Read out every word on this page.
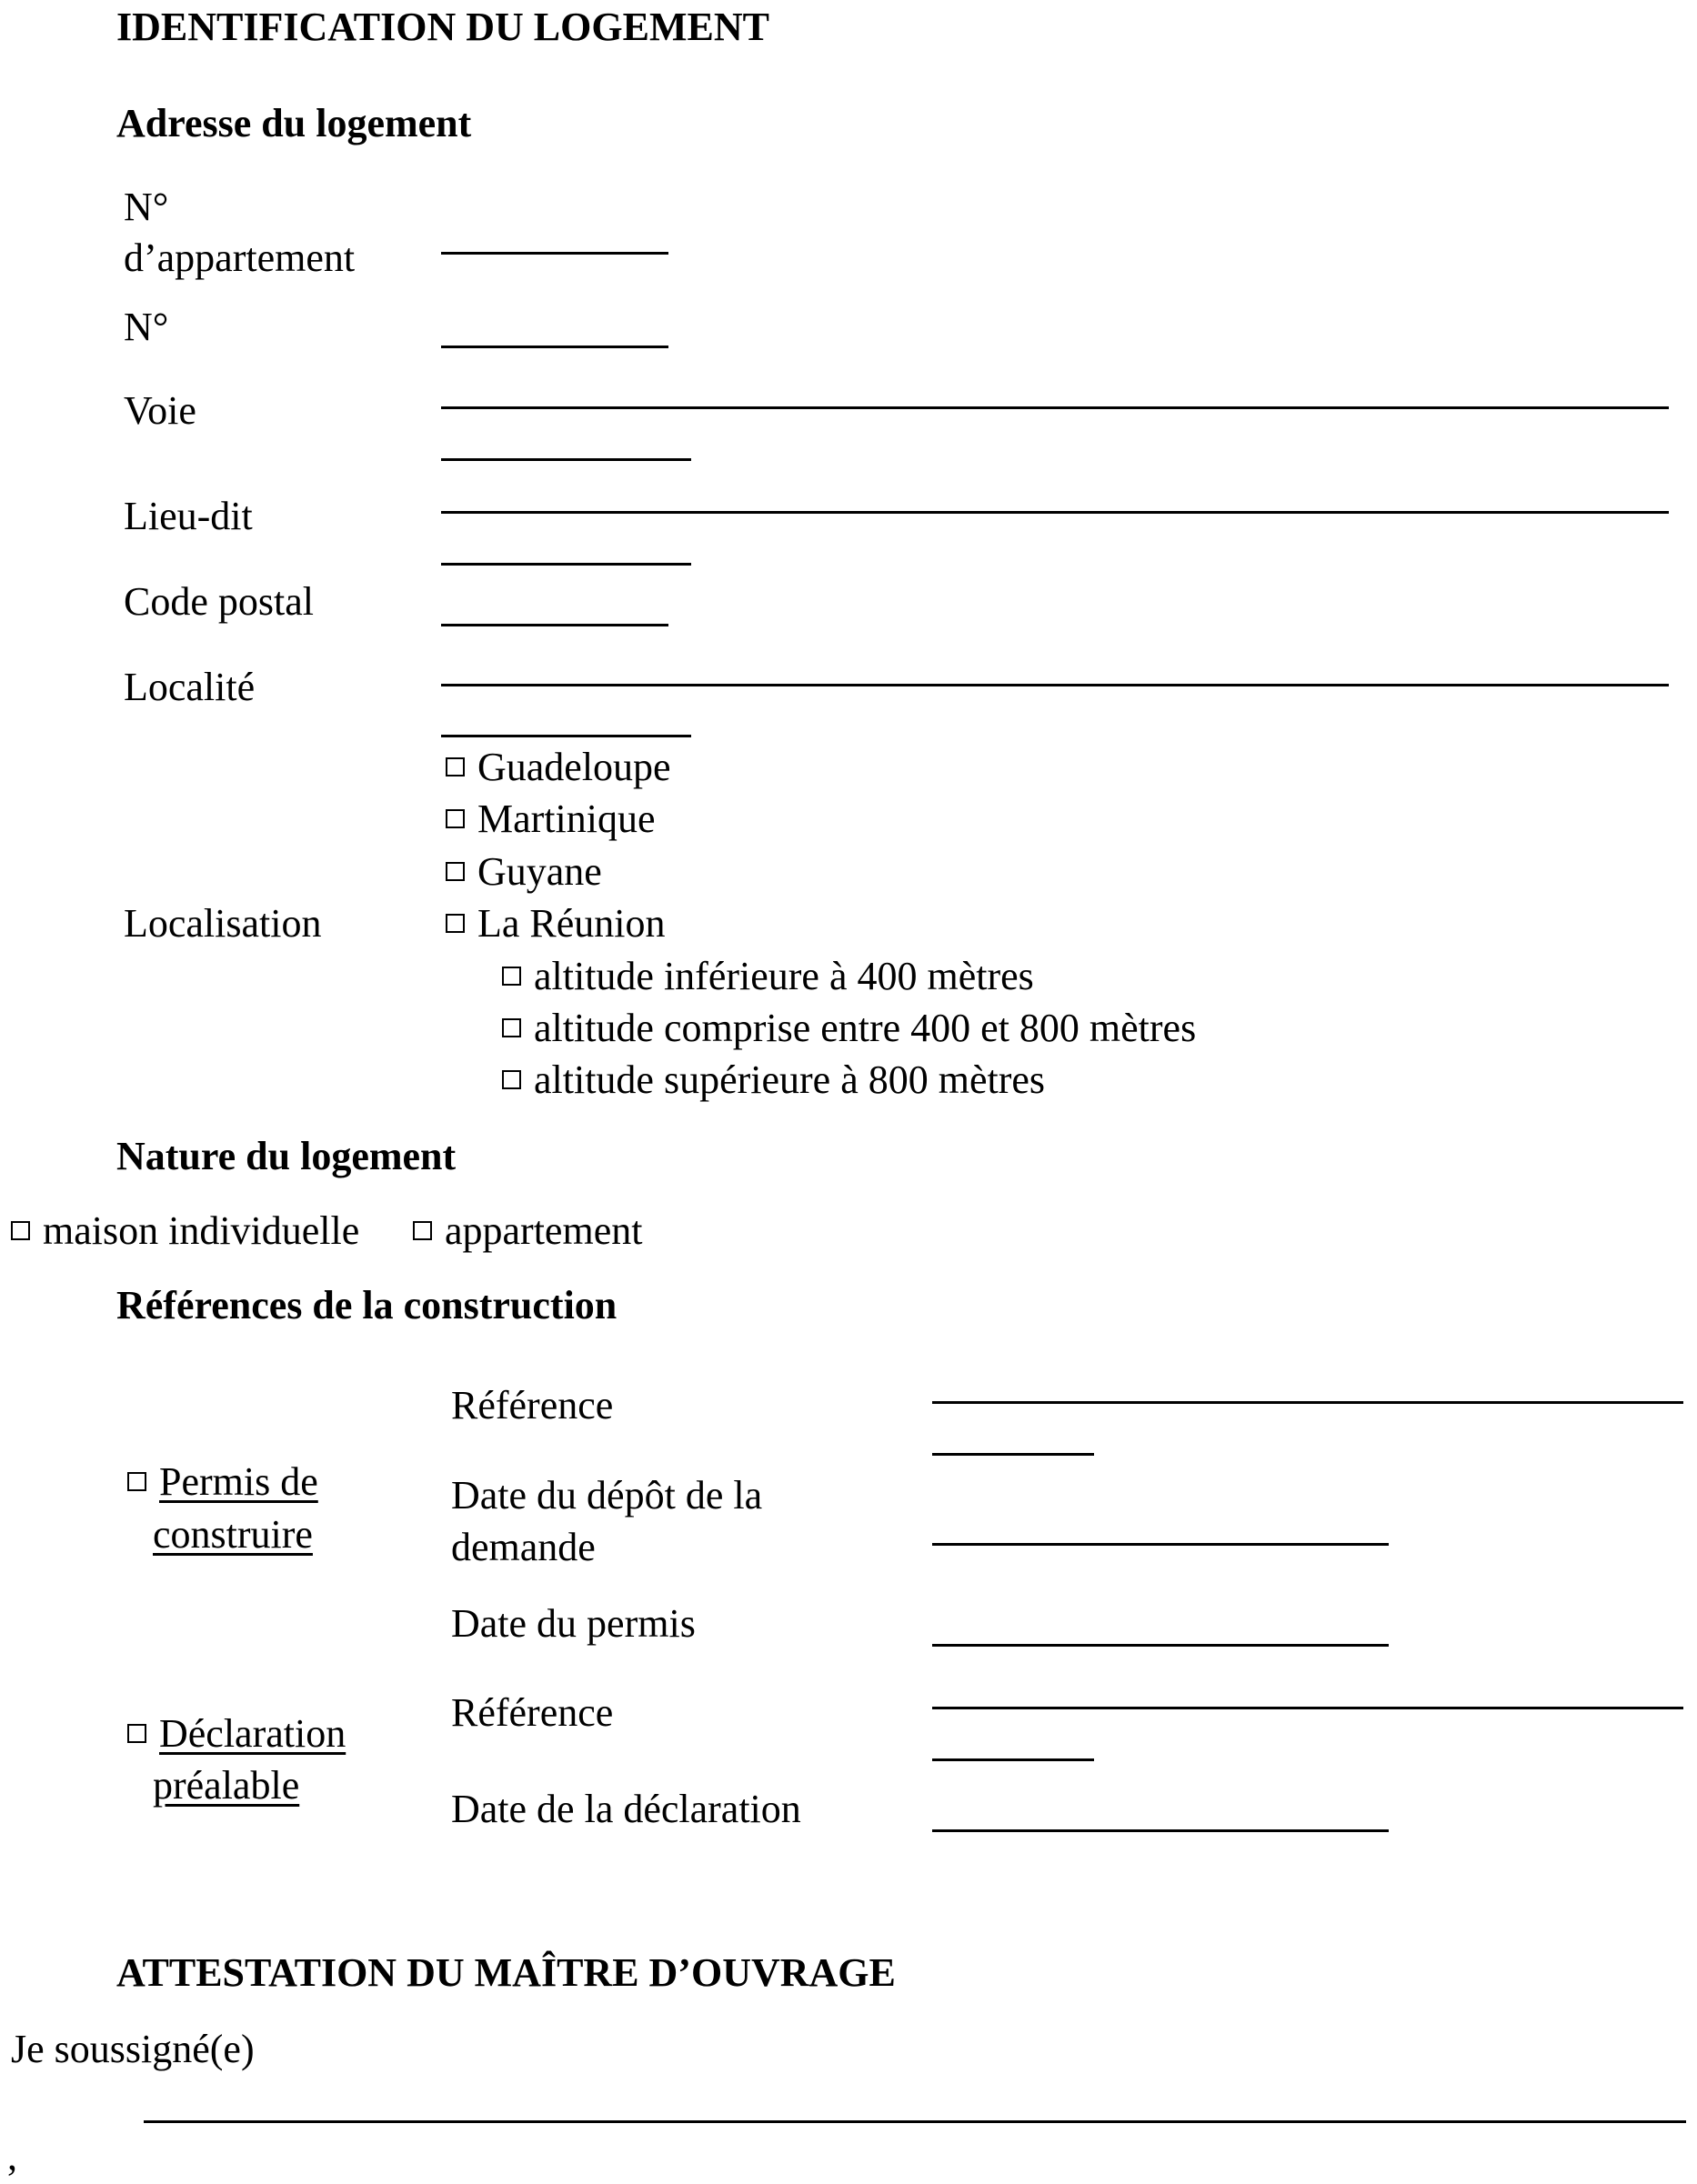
IDENTIFICATION DU LOGEMENT
Adresse du logement
N°
d’appartement
N°
Voie
Lieu-dit
Code postal
Localité
Guadeloupe
Martinique
Guyane
Localisation	La Réunion
altitude inférieure à 400 mètres
altitude comprise entre 400 et 800 mètres
altitude supérieure à 800 mètres
Nature du logement
maison individuelle	appartement
Références de la construction
Permis de
construire
Référence
Date du dépôt de la
demande
Date du permis
Déclaration
préalable
Référence
Date de la déclaration
ATTESTATION DU MAÎTRE D’OUVRAGE
Je soussigné(e)
,
